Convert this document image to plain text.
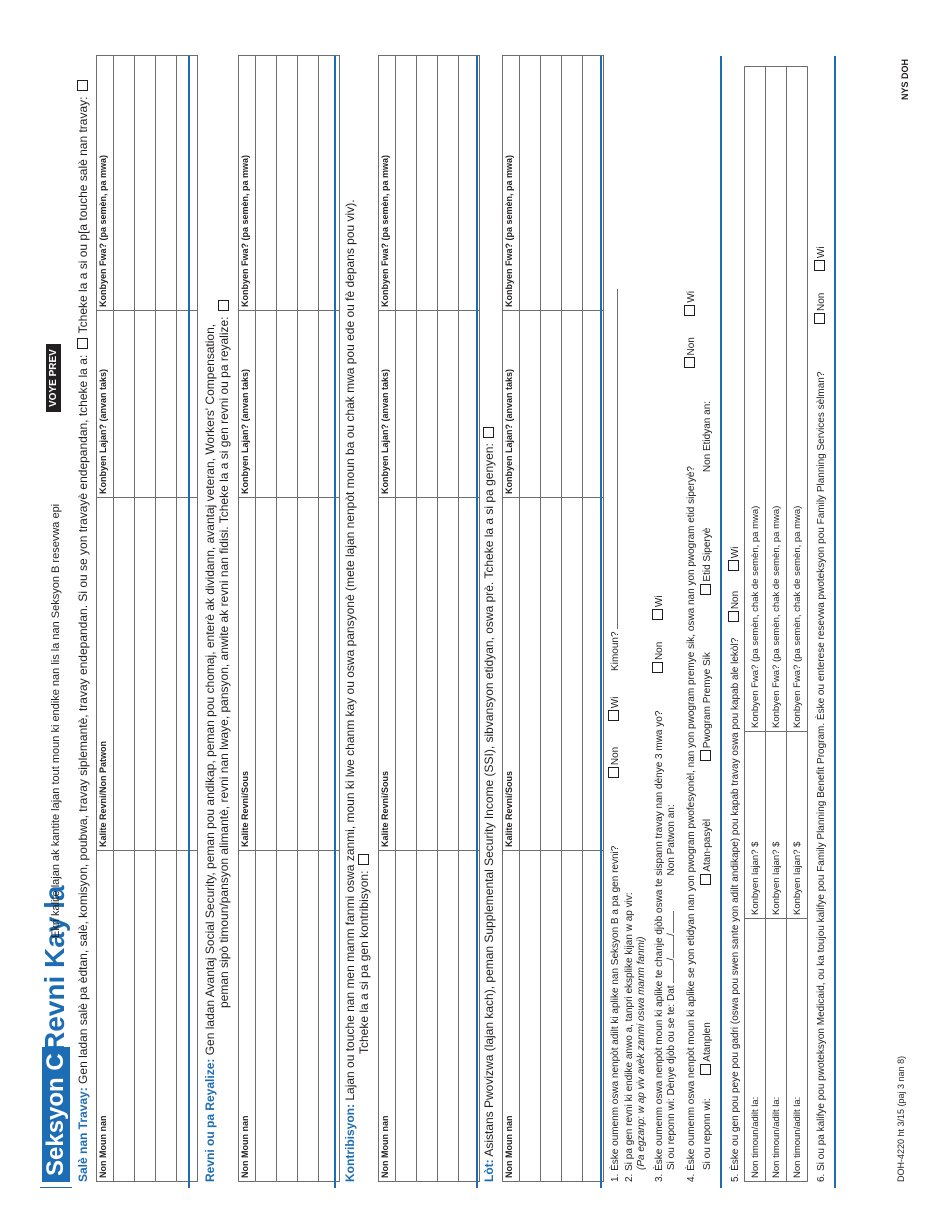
Seksyon C
Revni Kay la
Ekri kalite lajan ak kantite lajan tout moun ki endike nan lis la nan Seksyon B resevwa epi
VOYE PREV
Salè nan Travay: Gen ladan salè pa èdtan, salè, komisyon, poubwa, travay siplemantè, travay endepandan. Si ou se yon travayè endepandan, tcheke la a:  Tcheke la a si ou p[a touche salè nan travay:
Non Moun nan	Kalite Revni/Non Patwon	Konbyen Lajan? (anvan taks)	Konbyen Fwa? (pa semèn, pa mwa)

Revni ou pa Reyalize: Gen ladan Avantaj Social Security, peman pou andikap, peman pou chomaj, enterè ak dividann, avantaj veteran, Workers' Compensation,
peman sipò timoun/pansyon alimantè, revni nan lwaye, pansyon, anwite ak revni nan fidisi. Tcheke la a si gen revni ou pa reyalize:
Non Moun nan	Kalite Revni/Sous	Konbyen Lajan? (anvan taks)	Konbyen Fwa? (pa semèn, pa mwa)

Kontribisyon: Lajan ou touche nan men manm fanmi oswa zanmi, moun ki lwe chanm kay ou oswa pansyonè (mete lajan nenpòt moun ba ou chak mwa pou ede ou fè depans pou viv).
Tcheke la a si pa gen kontribisyon:
Non Moun nan	Kalite Revni/Sous	Konbyen Lajan? (anvan taks)	Konbyen Fwa? (pa semèn, pa mwa)

Lòt: Asistans Pwovizwa (lajan kach), peman Supplemental Security Income (SSI), sibvansyon etidyan, oswa prè. Tcheke la a si pa genyen: Non Moun nan	Kalite Revni/Sous	Konbyen Lajan? (anvan taks)	Konbyen Fwa? (pa semèn, pa mwa)

1. Èske oumenm oswa nenpòt adilt ki aplike nan Seksyon B a pa gen revni?  Non  Wi  Kimoun?
2. Si pa gen revni ki endike anwo a, tanpri eksplike kijan w ap viv:
(Pa egzanp: w ap viv avèk zanmi oswa manm fanmi) 3. Èske oumenm oswa nenpòt moun ki aplike te chanje djòb oswa te sispann travay nan dènye 3 mwa yo?  Non  Wi
Si ou reponn wi: Dènye djòb ou se te: Dat //  Non Patwon an: 4. Èske oumenm oswa nenpòt moun ki aplike se yon etidyan nan yon pwogram pwofesyonèl, nan yon pwogram premye sik, oswa nan yon pwogram etid siperyè?  Non  Wi
Si ou reponn wi:  Atanplen  Atan-pasyèl  Pwogram Premye Sik  Etid Siperyè  Non Etidyan an:
5. Èske ou gen pou peye pou gadri (oswa pou swen sante yon adilt andikape) pou kapab travay oswa pou kapab ale lekòl?  Non  Wi
Non timoun/adilt la:	Konbyen lajan? $	Konbyen Fwa? (pa semèn, chak de semèn, pa mwa)
Non timoun/adilt la:	Konbyen lajan? $	Konbyen Fwa? (pa semèn, chak de semèn, pa mwa)
Non timoun/adilt la:	Konbyen lajan? $	Konbyen Fwa? (pa semèn, chak de semèn, pa mwa) 6. Si ou pa kalifye pou pwoteksyon Medicaid, ou ka toujou kalifye pou Family Planning Benefit Program. Èske ou enterese resevwa pwoteksyon pou Family Planning Services sèlman?  Non  Wi
DOH-4220 ht 3/15 (paj 3 nan 8)
NYS DOH
